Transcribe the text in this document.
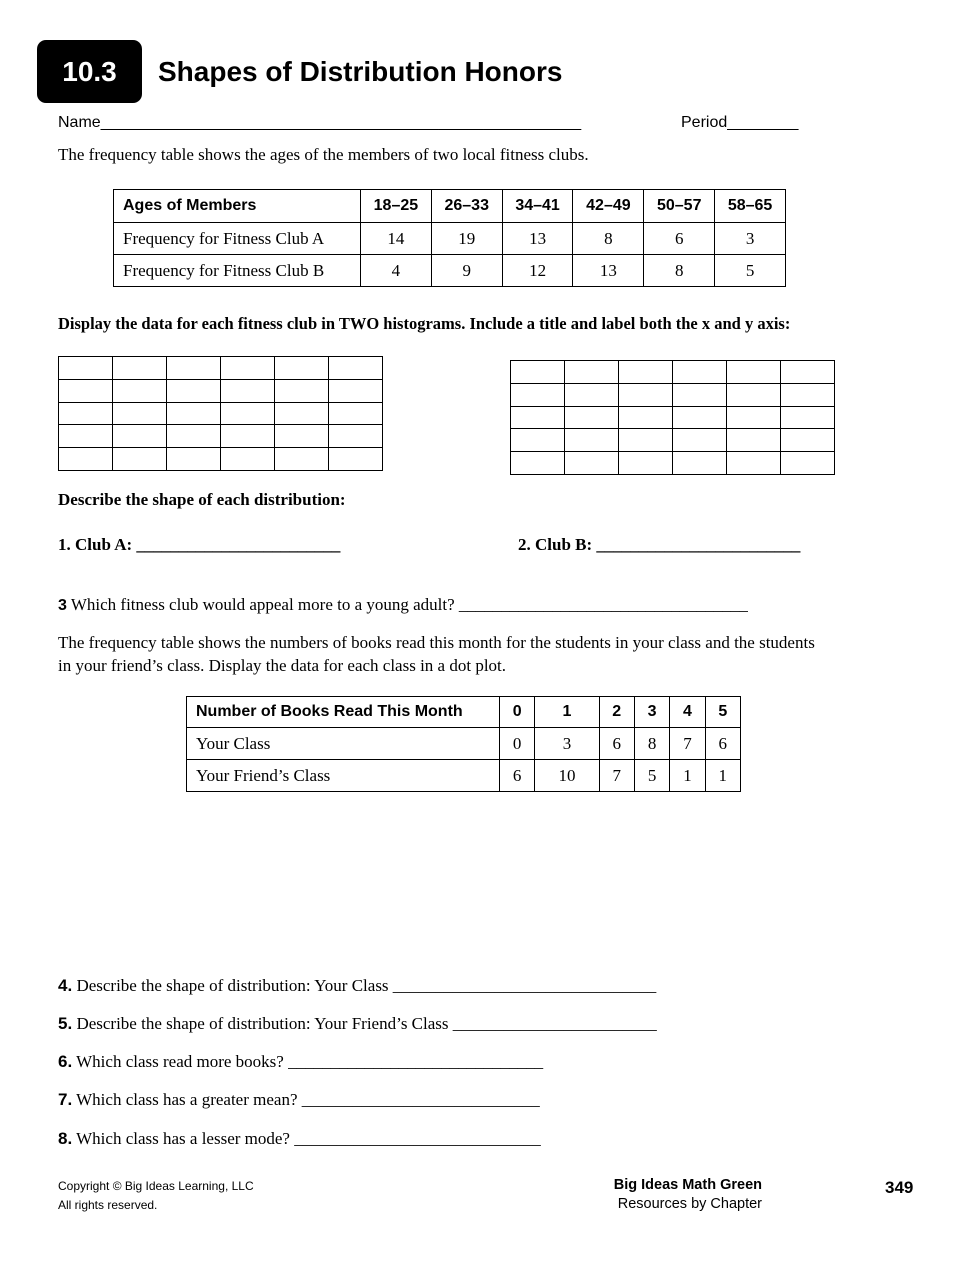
10.3	Shapes of Distribution Honors
Name______________________________________________________	Period________
The frequency table shows the ages of the members of two local fitness clubs.
Ages of Members	18–25	26–33	34–41	42–49	50–57	58–65
Frequency for Fitness Club A	14	19	13	8	6	3
Frequency for Fitness Club B	4	9	12	13	8	5
Display the data for each fitness club in TWO histograms. Include a title and label both the x and y axis:

Describe the shape of each distribution:
1. Club A: ________________________	2. Club B: ________________________
3 Which fitness club would appeal more to a young adult? __________________________________
The frequency table shows the numbers of books read this month for the students in your class and the students
in your friend’s class. Display the data for each class in a dot plot.
Number of Books Read This Month	0	1	2	3	4	5
Your Class	0	3	6	8	7	6
Your Friend’s Class	6	10	7	5	1	1
4. Describe the shape of distribution: Your Class _______________________________
5. Describe the shape of distribution: Your Friend’s Class ________________________
6. Which class read more books? ______________________________
7. Which class has a greater mean? ____________________________
8. Which class has a lesser mode? _____________________________
Copyright © Big Ideas Learning, LLC
All rights reserved.
Big Ideas Math Green
Resources by Chapter
349
